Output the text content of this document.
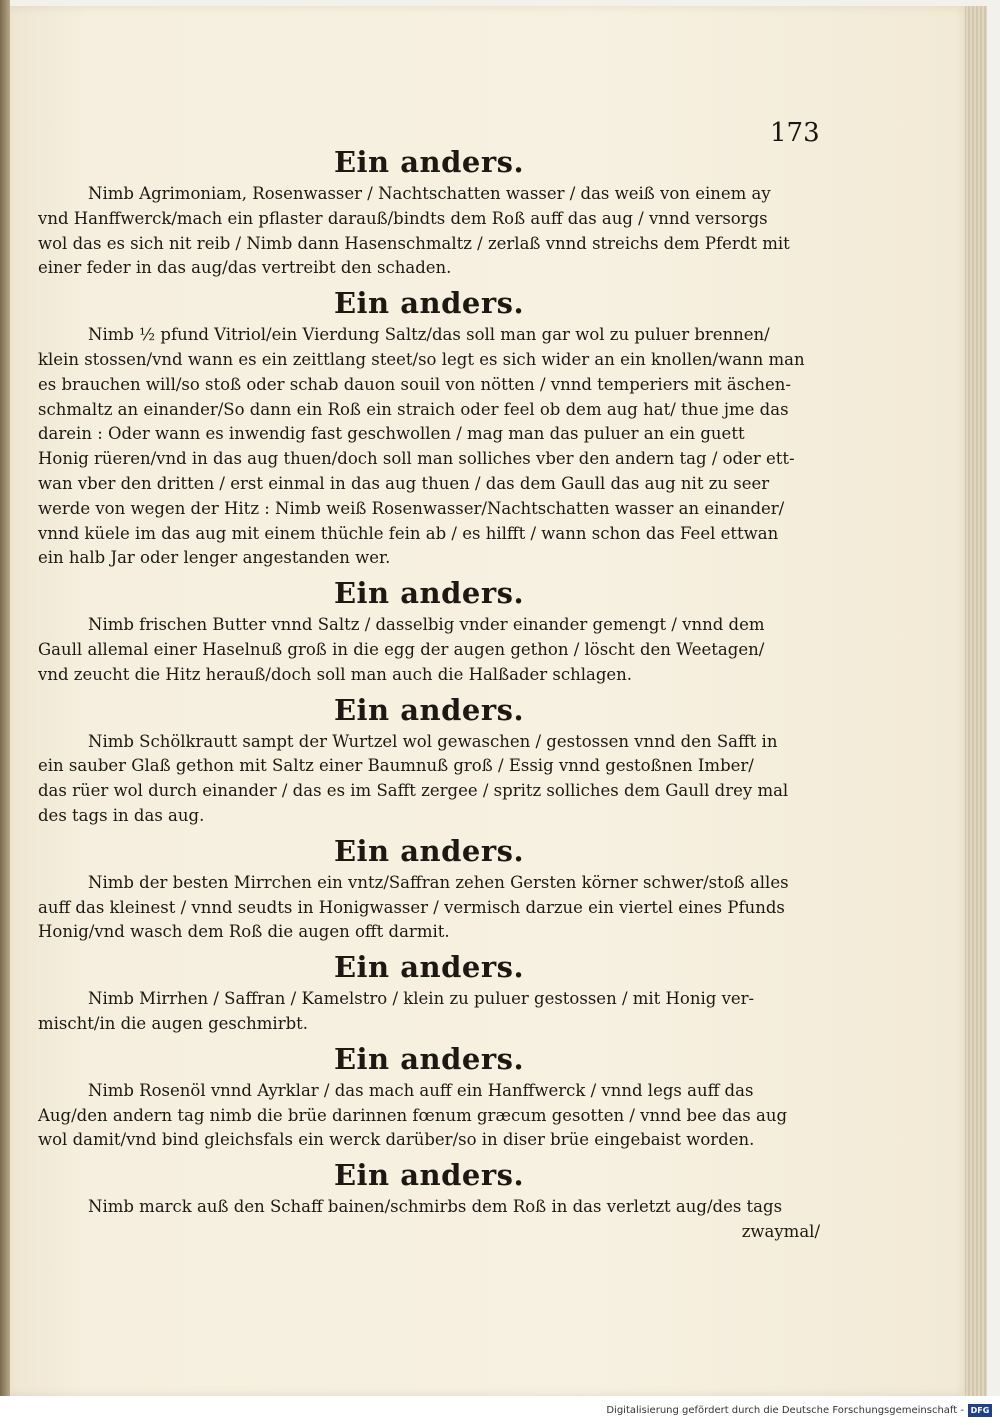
173
Ein anders.
Nimb Agrimoniam, Rosenwasser / Nachtschatten wasser / das weiß von einem ay
vnd Hanffwerck/mach ein pflaster darauß/bindts dem Roß auff das aug / vnnd versorgs
wol das es sich nit reib / Nimb dann Hasenschmaltz / zerlaß vnnd streichs dem Pferdt mit
einer feder in das aug/das vertreibt den schaden.
Ein anders.
Nimb ½ pfund Vitriol/ein Vierdung Saltz/das soll man gar wol zu puluer brennen/
klein stossen/vnd wann es ein zeittlang steet/so legt es sich wider an ein knollen/wann man
es brauchen will/so stoß oder schab dauon souil von nötten / vnnd temperiers mit äschen-
schmaltz an einander/So dann ein Roß ein straich oder feel ob dem aug hat/ thue jme das
darein : Oder wann es inwendig fast geschwollen / mag man das puluer an ein guett
Honig rüeren/vnd in das aug thuen/doch soll man solliches vber den andern tag / oder ett-
wan vber den dritten / erst einmal in das aug thuen / das dem Gaull das aug nit zu seer
werde von wegen der Hitz : Nimb weiß Rosenwasser/Nachtschatten wasser an einander/
vnnd küele im das aug mit einem thüchle fein ab / es hilfft / wann schon das Feel ettwan
ein halb Jar oder lenger angestanden wer.
Ein anders.
Nimb frischen Butter vnnd Saltz / dasselbig vnder einander gemengt / vnnd dem
Gaull allemal einer Haselnuß groß in die egg der augen gethon / löscht den Weetagen/
vnd zeucht die Hitz herauß/doch soll man auch die Halßader schlagen.
Ein anders.
Nimb Schölkrautt sampt der Wurtzel wol gewaschen / gestossen vnnd den Safft in
ein sauber Glaß gethon mit Saltz einer Baumnuß groß / Essig vnnd gestoßnen Imber/
das rüer wol durch einander / das es im Safft zergee / spritz solliches dem Gaull drey mal
des tags in das aug.
Ein anders.
Nimb der besten Mirrchen ein vntz/Saffran zehen Gersten körner schwer/stoß alles
auff das kleinest / vnnd seudts in Honigwasser / vermisch darzue ein viertel eines Pfunds
Honig/vnd wasch dem Roß die augen offt darmit.
Ein anders.
Nimb Mirrhen / Saffran / Kamelstro / klein zu puluer gestossen / mit Honig ver-
mischt/in die augen geschmirbt.
Ein anders.
Nimb Rosenöl vnnd Ayrklar / das mach auff ein Hanffwerck / vnnd legs auff das
Aug/den andern tag nimb die brüe darinnen fœnum græcum gesotten / vnnd bee das aug
wol damit/vnd bind gleichsfals ein werck darüber/so in diser brüe eingebaist worden.
Ein anders.
Nimb marck auß den Schaff bainen/schmirbs dem Roß in das verletzt aug/des tags
zwaymal/
Digitalisierung gefördert durch die Deutsche Forschungsgemeinschaft - DFG
